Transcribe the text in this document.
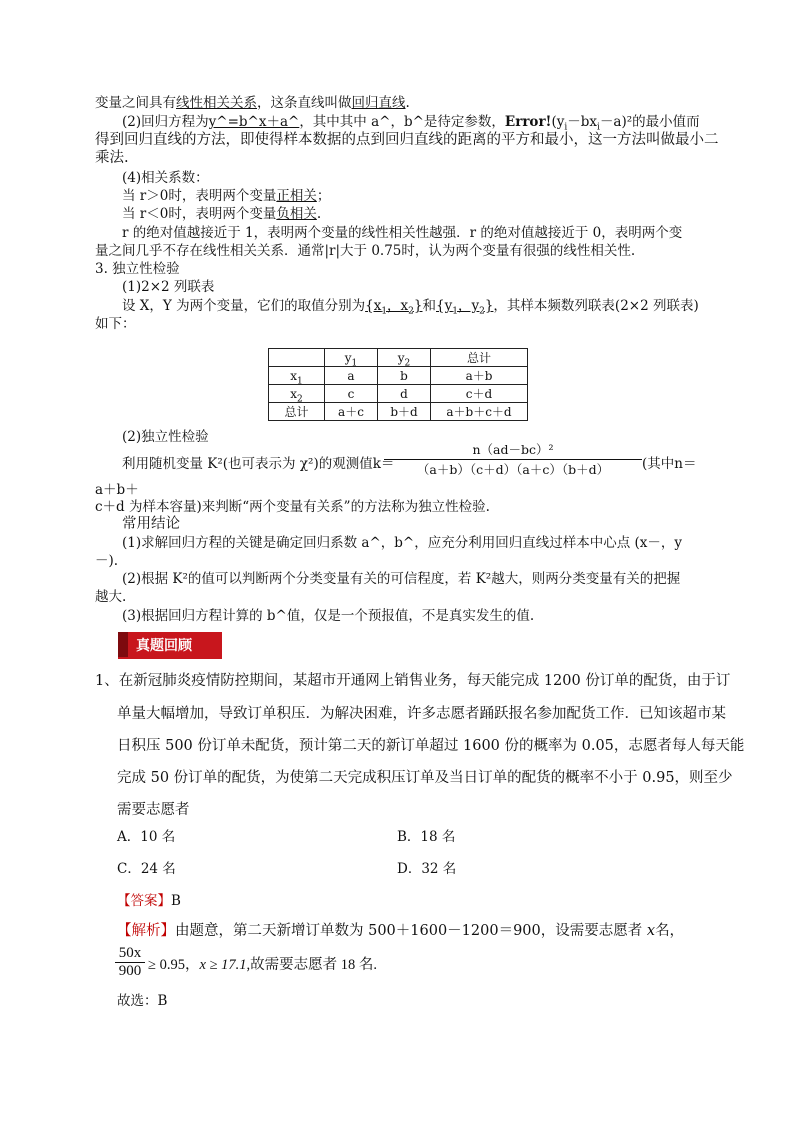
变量之间具有线性相关关系，这条直线叫做回归直线.
(2)回归方程为y^=b^x＋a^，其中其中 a^，b^是待定参数，$Error!(y_i-bx_i-a)^2$的最小值而
得到回归直线的方法，即使得样本数据的点到回归直线的距离的平方和最小，这一方法叫做最小二
乘法.
(4)相关系数：
当 r＞0时，表明两个变量正相关；
当 r＜0时，表明两个变量负相关.
r 的绝对值越接近于 1，表明两个变量的线性相关性越强．r 的绝对值越接近于 0，表明两个变
量之间几乎不存在线性相关关系．通常|r|大于 0.75时，认为两个变量有很强的线性相关性.
3. 独立性检验
(1)2×2 列联表
设 X，Y 为两个变量，它们的取值分别为{$x_1$，$x_2$}和{$y_1$，$y_2$}，其样本频数列联表(2×2 列联表)
如下：
	$y_1$	$y_2$	总计
$x_1$	a	b	a＋b
$x_2$	c	d	c＋d
总计	a＋c	b＋d	a＋b＋c＋d
(2)独立性检验
利用随机变量 K²(也可表示为 χ²)的观测值k＝
$\frac{\text{n（ad－bc）²}}{(a+b)(c+d)(a+c)(b+d)}$ (其中n＝
a＋b＋
c＋d 为样本容量)来判断“两个变量有关系”的方法称为独立性检验.
常用结论
(1)求解回归方程的关键是确定回归系数 a^，b^，应充分利用回归直线过样本中心点 (x－，y
－).
(2)根据 K²的值可以判断两个分类变量有关的可信程度，若 K²越大，则两分类变量有关的把握
越大.
(3)根据回归方程计算的 b^值，仅是一个预报值，不是真实发生的值.
真题回顾
1、在新冠肺炎疫情防控期间，某超市开通网上销售业务，每天能完成 1200 份订单的配货，由于订
单量大幅增加，导致订单积压．为解决困难，许多志愿者踊跃报名参加配货工作．已知该超市某
日积压 500 份订单未配货，预计第二天的新订单超过 1600 份的概率为 0.05，志愿者每人每天能
完成 50 份订单的配货，为使第二天完成积压订单及当日订单的配货的概率不小于 0.95，则至少
需要志愿者
A．10 名	B．18 名
C．24 名	D．32 名
【答案】B
【解析】由题意，第二天新增订单数为 500＋1600－1200＝900，设需要志愿者 x名，
$\frac{50x}{900} \ge 0.95$，x ≥ 17.1,故需要志愿者 18 名.
故选：B
